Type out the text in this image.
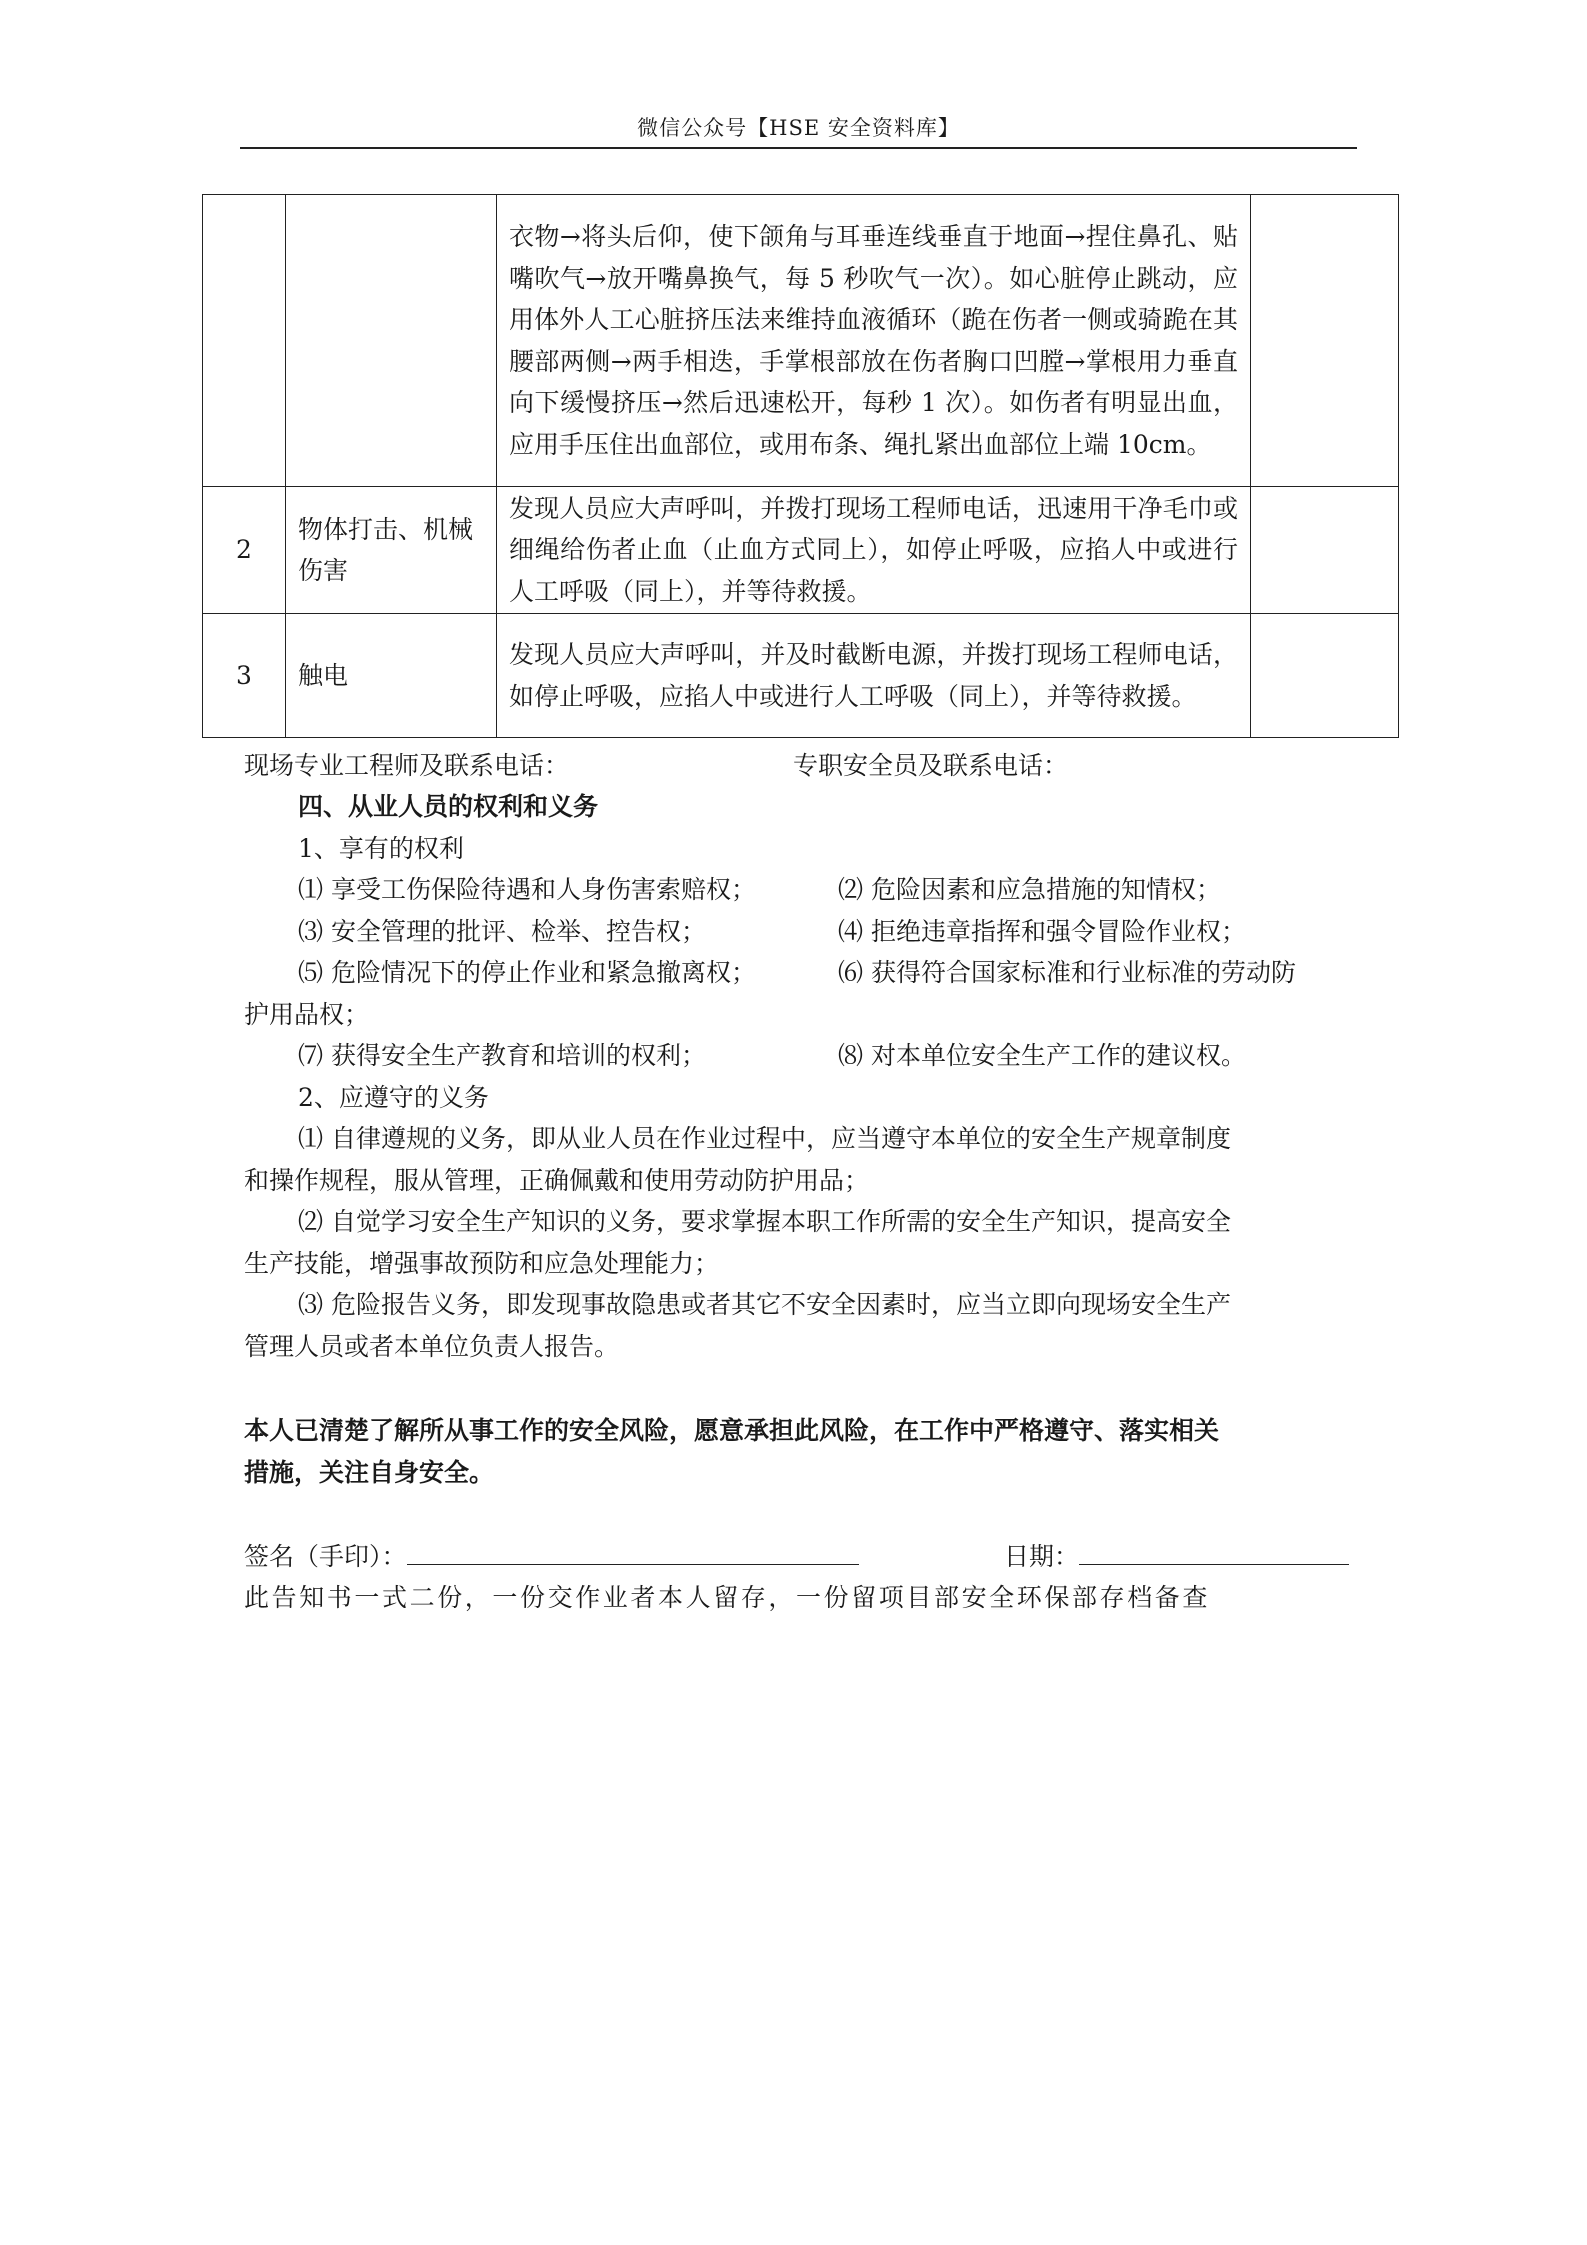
微信公众号【HSE 安全资料库】
		衣物→将头后仰，使下颌角与耳垂连线垂直于地面→捏住鼻孔、贴嘴吹气→放开嘴鼻换气，每 5 秒吹气一次）。如心脏停止跳动，应用体外人工心脏挤压法来维持血液循环（跪在伤者一侧或骑跪在其腰部两侧→两手相迭，手掌根部放在伤者胸口凹膛→掌根用力垂直向下缓慢挤压→然后迅速松开，每秒 1 次）。如伤者有明显出血，应用手压住出血部位，或用布条、绳扎紧出血部位上端 10cm。	
2	物体打击、机械伤害	发现人员应大声呼叫，并拨打现场工程师电话，迅速用干净毛巾或细绳给伤者止血（止血方式同上），如停止呼吸，应掐人中或进行人工呼吸（同上），并等待救援。	
3	触电	发现人员应大声呼叫，并及时截断电源，并拨打现场工程师电话，如停止呼吸，应掐人中或进行人工呼吸（同上），并等待救援。	
现场专业工程师及联系电话：	专职安全员及联系电话：
四、从业人员的权利和义务
1、享有的权利
⑴ 享受工伤保险待遇和人身伤害索赔权；	⑵ 危险因素和应急措施的知情权；
⑶ 安全管理的批评、检举、控告权；	⑷ 拒绝违章指挥和强令冒险作业权；
⑸ 危险情况下的停止作业和紧急撤离权；	⑹ 获得符合国家标准和行业标准的劳动防
护用品权；
⑺ 获得安全生产教育和培训的权利；	⑻ 对本单位安全生产工作的建议权。
2、应遵守的义务
⑴ 自律遵规的义务，即从业人员在作业过程中，应当遵守本单位的安全生产规章制度
和操作规程，服从管理，正确佩戴和使用劳动防护用品；
⑵ 自觉学习安全生产知识的义务，要求掌握本职工作所需的安全生产知识，提高安全
生产技能，增强事故预防和应急处理能力；
⑶ 危险报告义务，即发现事故隐患或者其它不安全因素时，应当立即向现场安全生产
管理人员或者本单位负责人报告。
本人已清楚了解所从事工作的安全风险，愿意承担此风险，在工作中严格遵守、落实相关
措施，关注自身安全。
签名（手印）：	日期：
此告知书一式二份，一份交作业者本人留存，一份留项目部安全环保部存档备查
